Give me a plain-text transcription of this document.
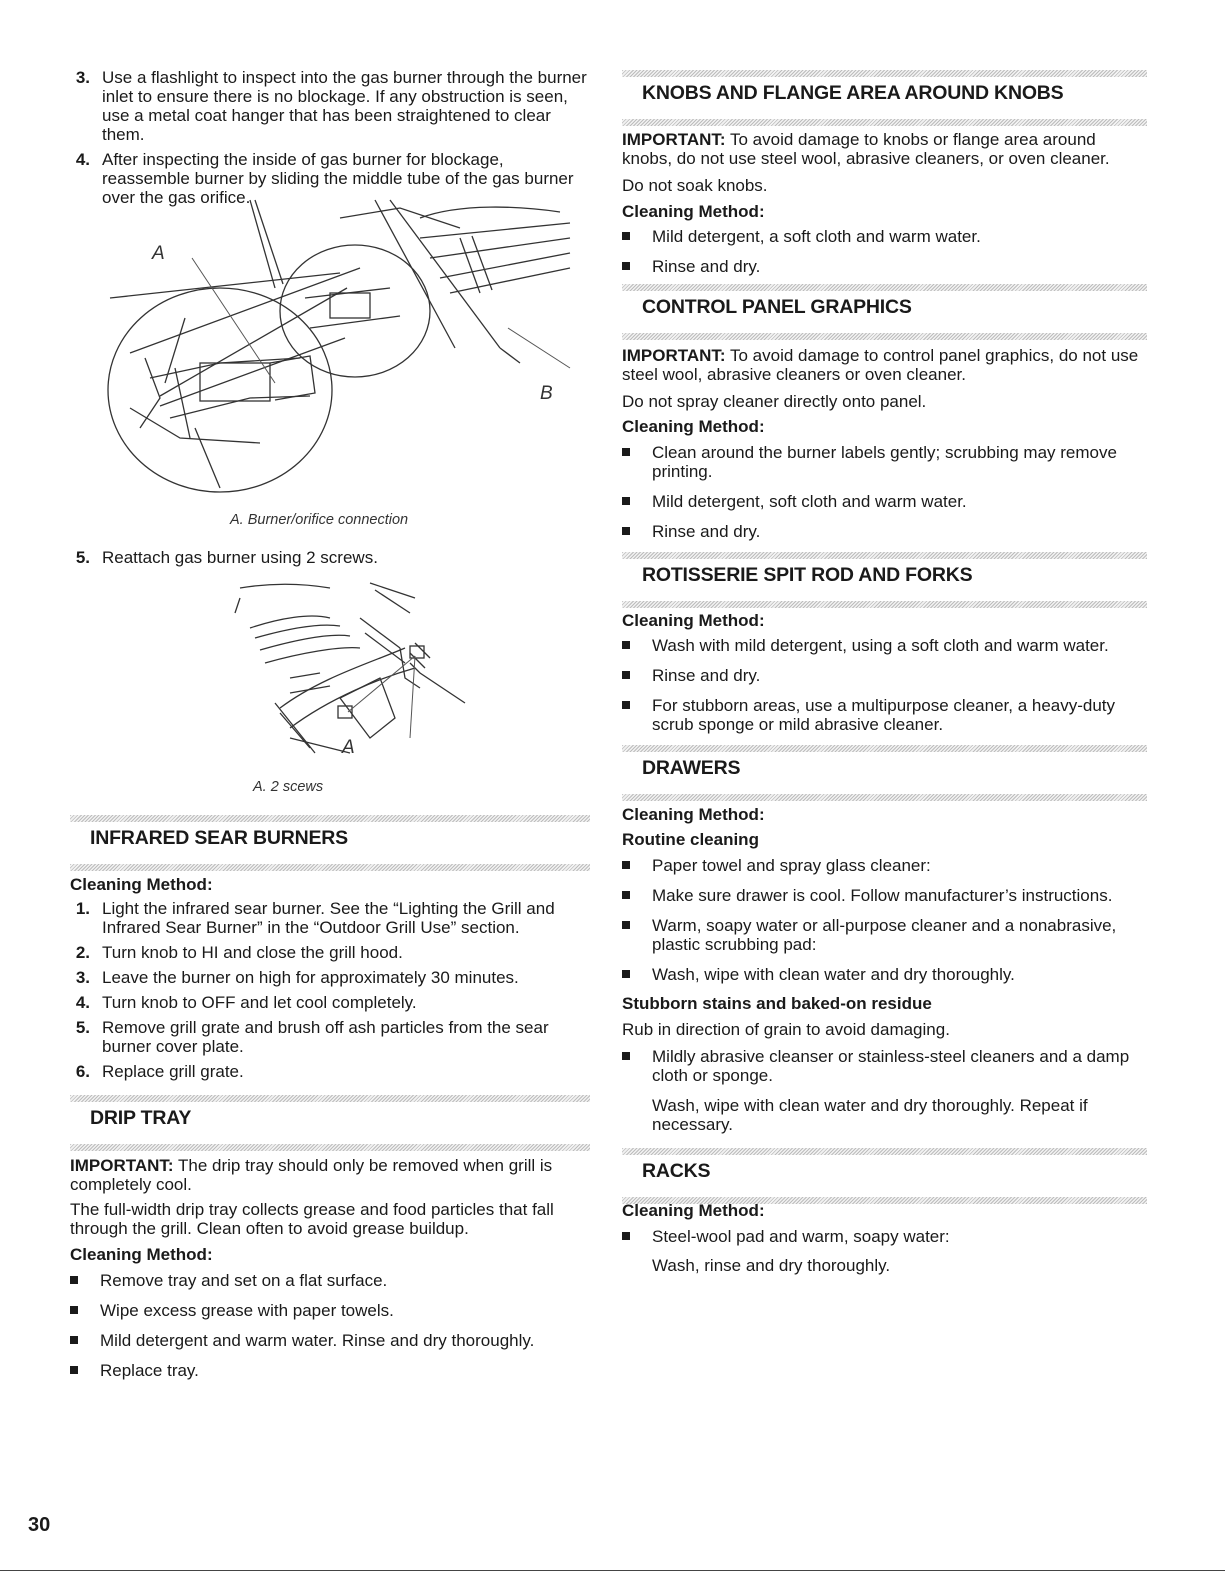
3. Use a flashlight to inspect into the gas burner through the burner inlet to ensure there is no blockage. If any obstruction is seen, use a metal coat hanger that has been straightened to clear them.
4. After inspecting the inside of gas burner for blockage, reassemble burner by sliding the middle tube of the gas burner over the gas orifice.
A
B
A. Burner/orifice connection
5. Reattach gas burner using 2 screws.
A
A. 2 scews
INFRARED SEAR BURNERS
Cleaning Method:
1. Light the infrared sear burner. See the “Lighting the Grill and Infrared Sear Burner” in the “Outdoor Grill Use” section.
2. Turn knob to HI and close the grill hood.
3. Leave the burner on high for approximately 30 minutes.
4. Turn knob to OFF and let cool completely.
5. Remove grill grate and brush off ash particles from the sear burner cover plate.
6. Replace grill grate.
DRIP TRAY
IMPORTANT: The drip tray should only be removed when grill is completely cool.
The full-width drip tray collects grease and food particles that fall through the grill. Clean often to avoid grease buildup.
Cleaning Method:
Remove tray and set on a flat surface.
Wipe excess grease with paper towels.
Mild detergent and warm water. Rinse and dry thoroughly.
Replace tray.
KNOBS AND FLANGE AREA AROUND KNOBS
IMPORTANT: To avoid damage to knobs or flange area around knobs, do not use steel wool, abrasive cleaners, or oven cleaner.
Do not soak knobs.
Cleaning Method:
Mild detergent, a soft cloth and warm water.
Rinse and dry.
CONTROL PANEL GRAPHICS
IMPORTANT: To avoid damage to control panel graphics, do not use steel wool, abrasive cleaners or oven cleaner.
Do not spray cleaner directly onto panel.
Cleaning Method:
Clean around the burner labels gently; scrubbing may remove printing.
Mild detergent, soft cloth and warm water.
Rinse and dry.
ROTISSERIE SPIT ROD AND FORKS
Cleaning Method:
Wash with mild detergent, using a soft cloth and warm water.
Rinse and dry.
For stubborn areas, use a multipurpose cleaner, a heavy-duty scrub sponge or mild abrasive cleaner.
DRAWERS
Cleaning Method:
Routine cleaning
Paper towel and spray glass cleaner:
Make sure drawer is cool. Follow manufacturer’s instructions.
Warm, soapy water or all-purpose cleaner and a nonabrasive, plastic scrubbing pad:
Wash, wipe with clean water and dry thoroughly.
Stubborn stains and baked-on residue
Rub in direction of grain to avoid damaging.
Mildly abrasive cleanser or stainless-steel cleaners and a damp cloth or sponge.
Wash, wipe with clean water and dry thoroughly. Repeat if necessary.
RACKS
Cleaning Method:
Steel-wool pad and warm, soapy water:
Wash, rinse and dry thoroughly.
30
